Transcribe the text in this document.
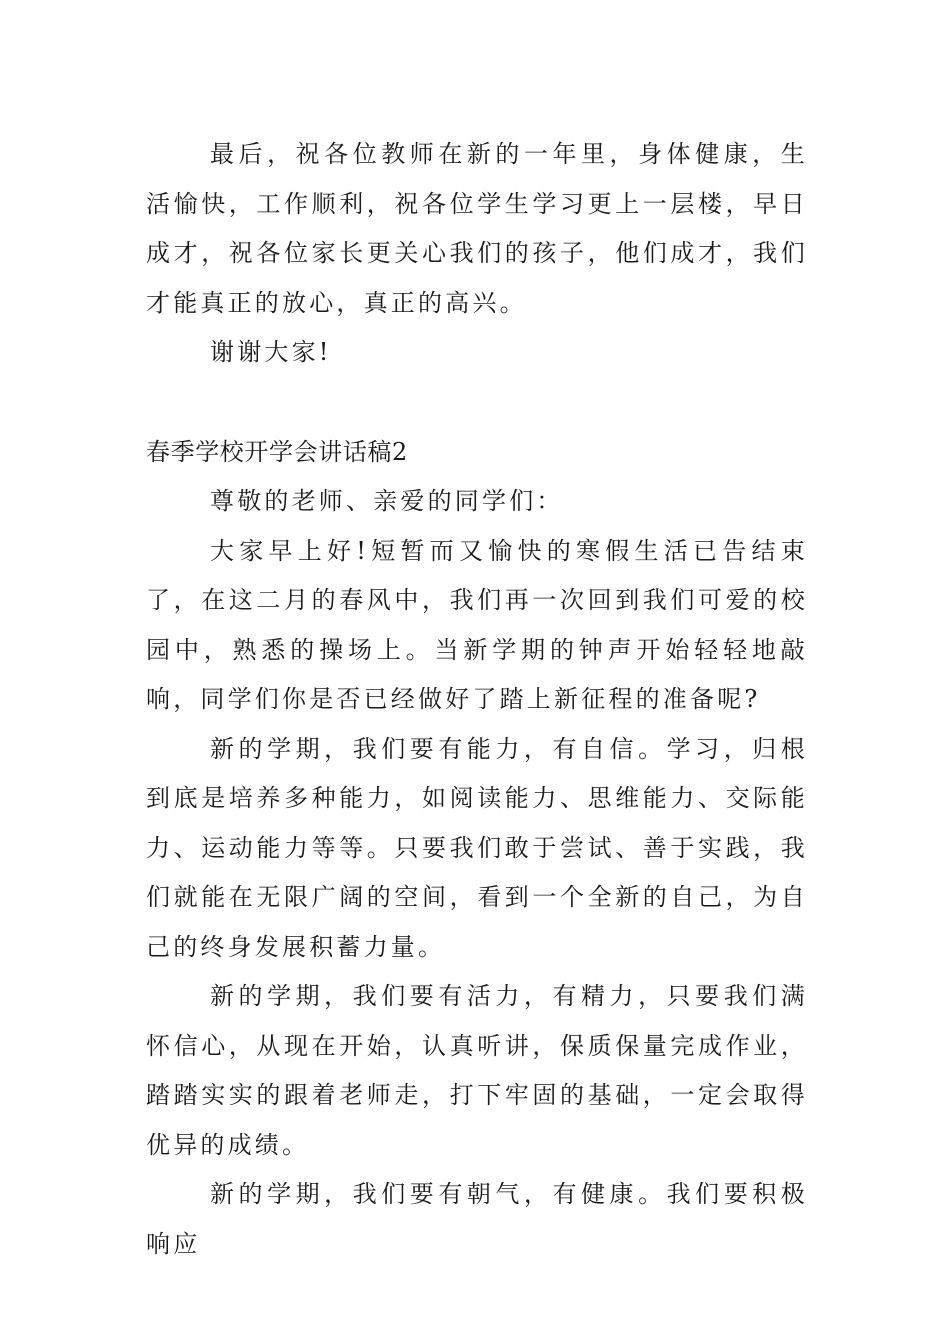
最后，祝各位教师在新的一年里，身体健康，生活愉快，工作顺利，祝各位学生学习更上一层楼，早日成才，祝各位家长更关心我们的孩子，他们成才，我们才能真正的放心，真正的高兴。

谢谢大家!

春季学校开学会讲话稿2

尊敬的老师、亲爱的同学们：

大家早上好!短暂而又愉快的寒假生活已告结束了，在这二月的春风中，我们再一次回到我们可爱的校园中，熟悉的操场上。当新学期的钟声开始轻轻地敲响，同学们你是否已经做好了踏上新征程的准备呢?

新的学期，我们要有能力，有自信。学习，归根到底是培养多种能力，如阅读能力、思维能力、交际能力、运动能力等等。只要我们敢于尝试、善于实践，我们就能在无限广阔的空间，看到一个全新的自己，为自己的终身发展积蓄力量。

新的学期，我们要有活力，有精力，只要我们满怀信心，从现在开始，认真听讲，保质保量完成作业，踏踏实实的跟着老师走，打下牢固的基础，一定会取得优异的成绩。

新的学期，我们要有朝气，有健康。我们要积极响应
